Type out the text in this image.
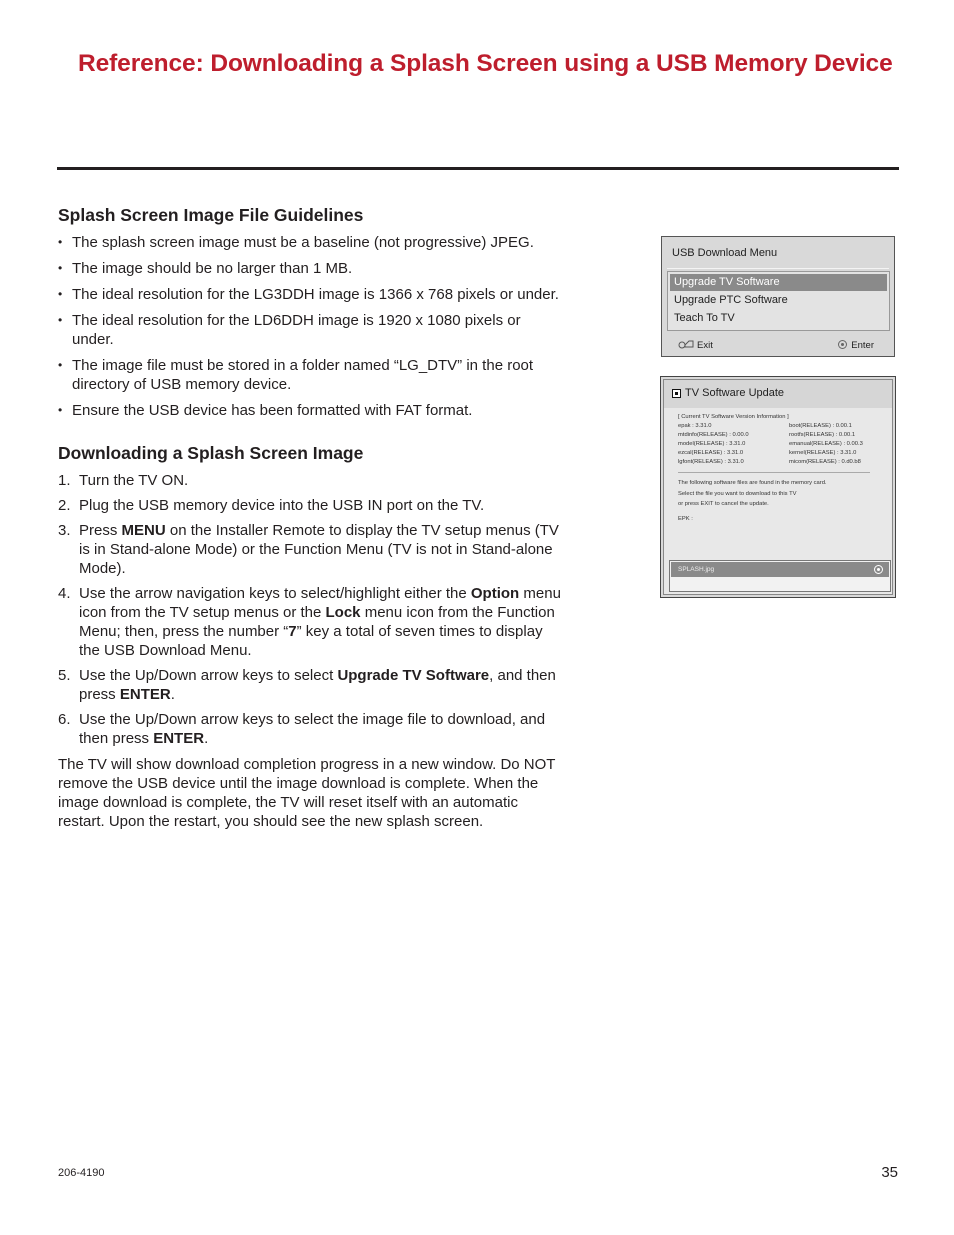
Reference: Downloading a Splash Screen using a USB Memory Device
Splash Screen Image File Guidelines
• The splash screen image must be a baseline (not progressive) JPEG.
• The image should be no larger than 1 MB.
• The ideal resolution for the LG3DDH image is 1366 x 768 pixels or under.
• The ideal resolution for the LD6DDH image is 1920 x 1080 pixels or under.
• The image file must be stored in a folder named “LG_DTV” in the root directory of USB memory device.
• Ensure the USB device has been formatted with FAT format.
Downloading a Splash Screen Image
1. Turn the TV ON.
2. Plug the USB memory device into the USB IN port on the TV.
3. Press MENU on the Installer Remote to display the TV setup menus (TV is in Stand-alone Mode) or the Function Menu (TV is not in Stand-alone Mode).
4. Use the arrow navigation keys to select/highlight either the Option menu icon from the TV setup menus or the Lock menu icon from the Function Menu; then, press the number “7” key a total of seven times to display the USB Download Menu.
5. Use the Up/Down arrow keys to select Upgrade TV Software, and then press ENTER.
6. Use the Up/Down arrow keys to select the image file to download, and then press ENTER.

The TV will show download completion progress in a new window. Do NOT remove the USB device until the image download is complete. When the image download is complete, the TV will reset itself with an automatic restart. Upon the restart, you should see the new splash screen.

USB Download Menu
Upgrade TV Software
Upgrade PTC Software
Teach To TV
Exit	Enter
TV Software Update
[ Current TV Software Version Information ]
epak : 3.31.0
mtdinfo(RELEASE) : 0.00.0
model(RELEASE) : 3.31.0
ezcal(RELEASE) : 3.31.0
lgfont(RELEASE) : 3.31.0
boot(RELEASE) : 0.00.1
rootfs(RELEASE) : 0.00.1
emanual(RELEASE) : 0.00.3
kernel(RELEASE) : 3.31.0
micom(RELEASE) : 0.d0.b8
The following software files are found in the memory card.
Select the file you want to download to this TV
or press EXIT to cancel the update.
EPK :
SPLASH.jpg
206-4190	35
